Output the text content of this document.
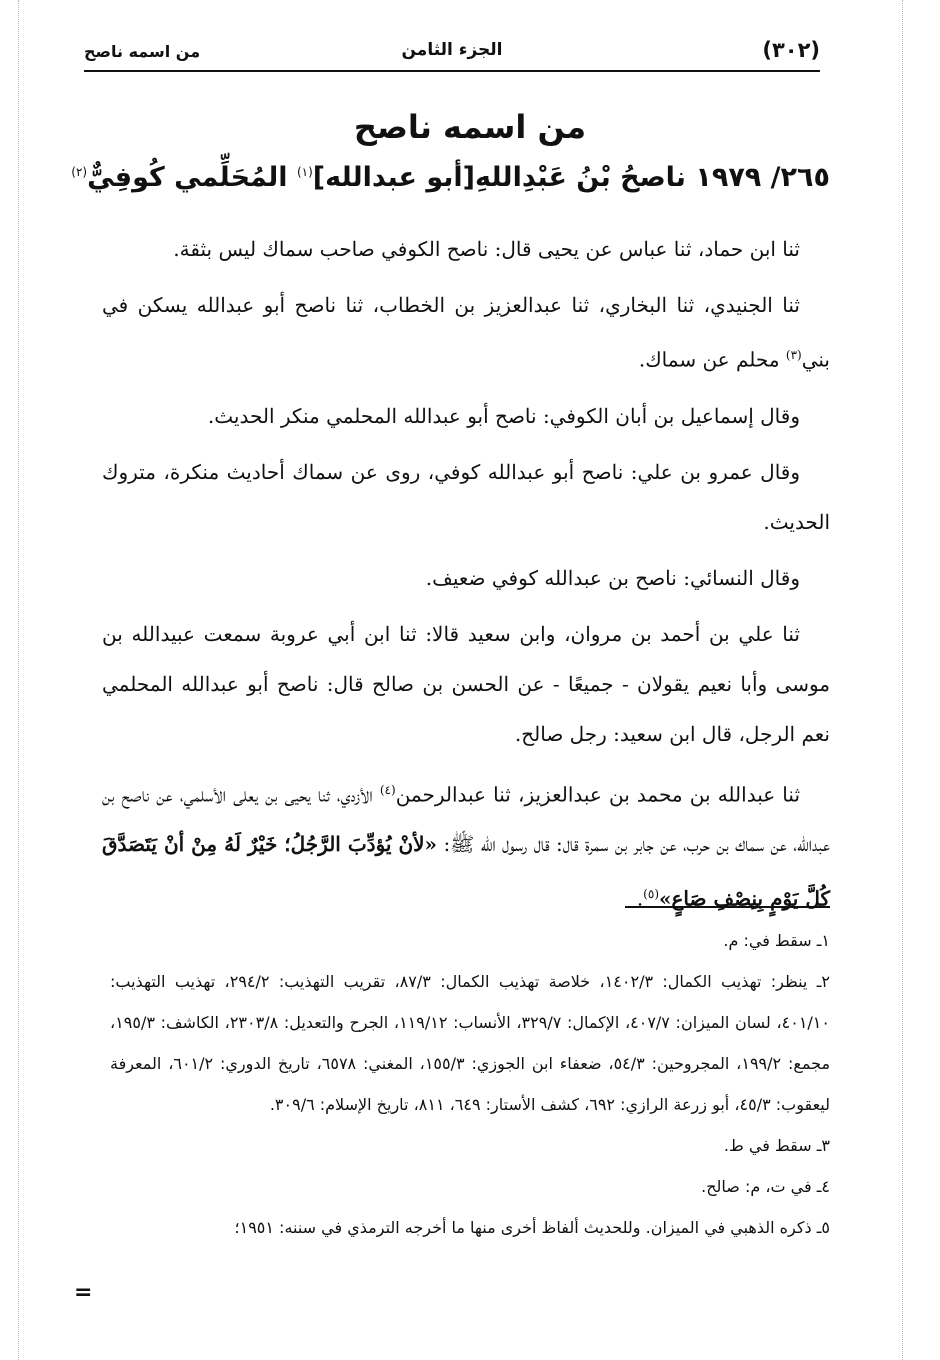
(٣٠٢)
الجزء الثامن
من اسمه ناصح
من اسمه ناصح
٢٦٥/ ١٩٧٩ ناصحُ بْنُ عَبْدِاللهِ[أبو عبدالله]$^{(١)}$ المُحَلِّمي كُوفِيٌّ$^{(٢)}$

ثنا ابن حماد، ثنا عباس عن يحيى قال: ناصح الكوفي صاحب سماك ليس بثقة.

ثنا الجنيدي، ثنا البخاري، ثنا عبدالعزيز بن الخطاب، ثنا ناصح أبو عبدالله يسكن في بني$^{(٣)}$ محلم عن سماك.

وقال إسماعيل بن أبان الكوفي: ناصح أبو عبدالله المحلمي منكر الحديث.

وقال عمرو بن علي: ناصح أبو عبدالله كوفي، روى عن سماك أحاديث منكرة، متروك الحديث.

وقال النسائي: ناصح بن عبدالله كوفي ضعيف.

ثنا علي بن أحمد بن مروان، وابن سعيد قالا: ثنا ابن أبي عروبة سمعت عبيدالله بن موسى وأبا نعيم يقولان - جميعًا - عن الحسن بن صالح قال: ناصح أبو عبدالله المحلمي نعم الرجل، قال ابن سعيد: رجل صالح.

ثنا عبدالله بن محمد بن عبدالعزيز، ثنا عبدالرحمن$^{(٤)}$ الأزدي، ثنا يحيى بن يعلى الأسلمي، عن ناصح بن عبدالله، عن سماك بن حرب، عن جابر بن سمرة قال: قال رسول الله ﷺ: «لأنْ يُؤدِّبَ الرَّجُلُ؛ خَيْرٌ لَهُ مِنْ أنْ يَتَصَدَّقَ كُلَّ يَوْمٍ بِنِصْفِ صَاعٍ»$^{(٥)}$.

١ـ سقط في: م.

٢ـ ينظر: تهذيب الكمال: ١٤٠٢/٣، خلاصة تهذيب الكمال: ٨٧/٣، تقريب التهذيب: ٢٩٤/٢، تهذيب التهذيب: ٤٠١/١٠، لسان الميزان: ٤٠٧/٧، الإكمال: ٣٢٩/٧، الأنساب: ١١٩/١٢، الجرح والتعديل: ٢٣٠٣/٨، الكاشف: ١٩٥/٣، مجمع: ١٩٩/٢، المجروحين: ٥٤/٣، ضعفاء ابن الجوزي: ١٥٥/٣، المغني: ٦٥٧٨، تاريخ الدوري: ٦٠١/٢، المعرفة ليعقوب: ٤٥/٣، أبو زرعة الرازي: ٦٩٢، كشف الأستار: ٦٤٩، ٨١١، تاريخ الإسلام: ٣٠٩/٦.

٣ـ سقط في ط.

٤ـ في ت، م: صالح.

٥ـ ذكره الذهبي في الميزان. وللحديث ألفاظ أخرى منها ما أخرجه الترمذي في سننه: ١٩٥١؛

=
